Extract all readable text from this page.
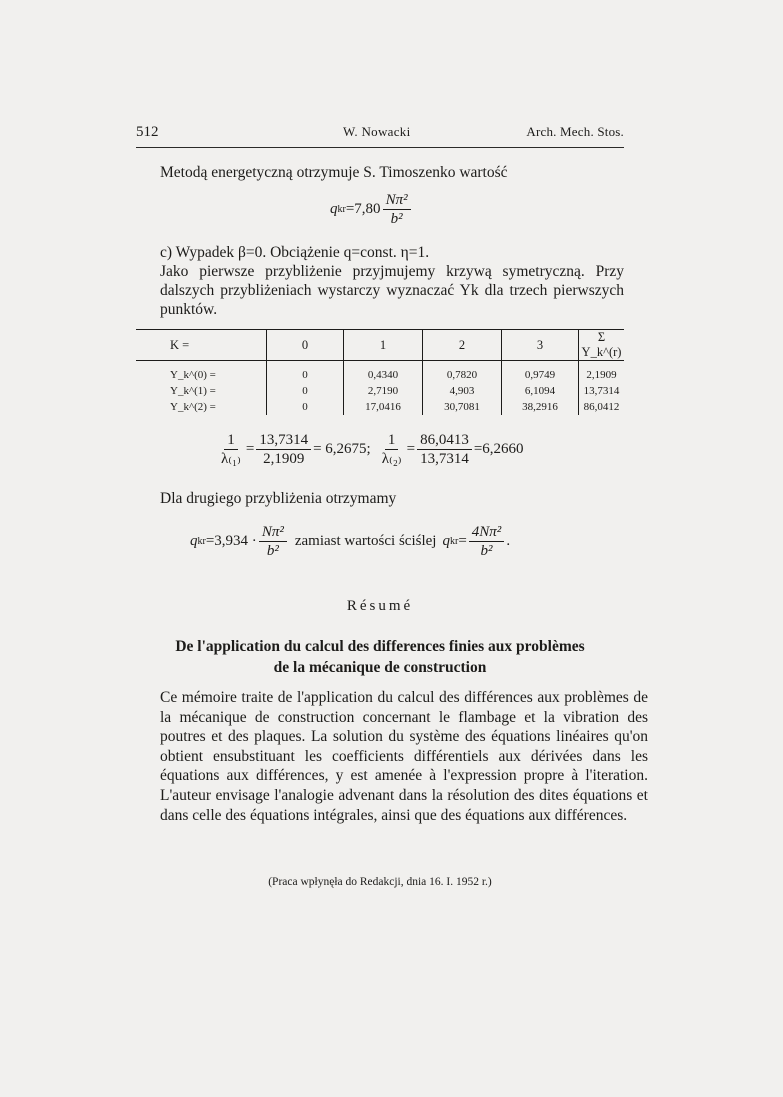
512	W. Nowacki	Arch. Mech. Stos.
Metodą energetyczną otrzymuje S. Timoszenko wartość
q kr $=7,80 \frac{\text{Nπ²}}{\text{b²}}$
c) Wypadek β=0. Obciążenie q=const. η=1.
Jako pierwsze przybliżenie przyjmujemy krzywą symetryczną. Przy dalszych przybliżeniach wystarczy wyznaczać Yk dla trzech pierwszych punktów.
K =	0	1	2	3	Σ Y_k^(r)
Y_k^(0) =	0	0,4340	0,7820	0,9749	2,1909
Y_k^(1) =	0	2,7190	4,903	6,1094	13,7314
Y_k^(2) =	0	17,0416	30,7081	38,2916	86,0412
$\frac{1}{\text{λ₍₁₎}} = \frac{13,7314}{2,1909} = 6,2675$; $\frac{1}{\text{λ₍₂₎}} = \frac{86,0413}{13,7314} =6,2660$
Dla drugiego przybliżenia otrzymamy
q kr $=3,934 \cdot \frac{\text{Nπ²}}{\text{b²}}$ zamiast wartości ściślej q kr = $\frac{\text{4Nπ²}}{\text{b²}}$ .
Résumé
De l'application du calcul des differences finies aux problèmes
de la mécanique de construction
Ce mémoire traite de l'application du calcul des différences aux problèmes de la mécanique de construction concernant le flambage et la vibration des poutres et des plaques. La solution du système des équations linéaires qu'on obtient ensubstituant les coefficients différentiels aux dérivées dans les équations aux différences, y est amenée à l'expression propre à l'iteration. L'auteur envisage l'analogie advenant dans la résolution des dites équations et dans celle des équations intégrales, ainsi que des équations aux différences.
(Praca wpłynęła do Redakcji, dnia 16. I. 1952 r.)
